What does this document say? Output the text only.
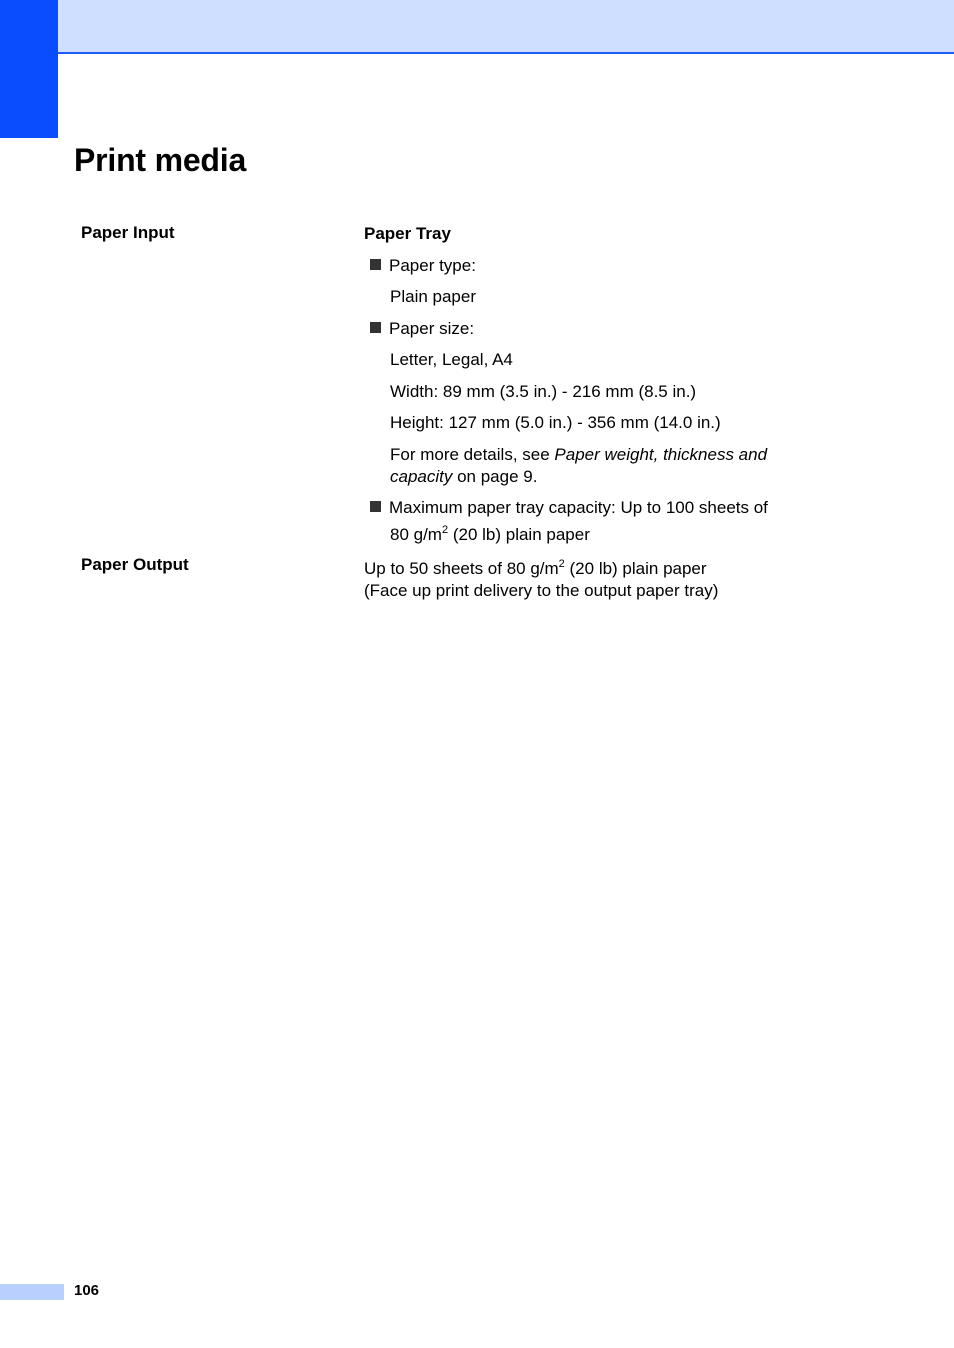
Print media
Paper Input	Paper Tray
Paper type:
Plain paper
Paper size:
Letter, Legal, A4
Width: 89 mm (3.5 in.) - 216 mm (8.5 in.)
Height: 127 mm (5.0 in.) - 356 mm (14.0 in.)
For more details, see Paper weight, thickness and
capacity on page 9.
Maximum paper tray capacity: Up to 100 sheets of
80 $g/m^2$ (20 lb) plain paper
Paper Output	Up to 50 sheets of 80 $g/m^2$ (20 lb) plain paper
(Face up print delivery to the output paper tray)
106
